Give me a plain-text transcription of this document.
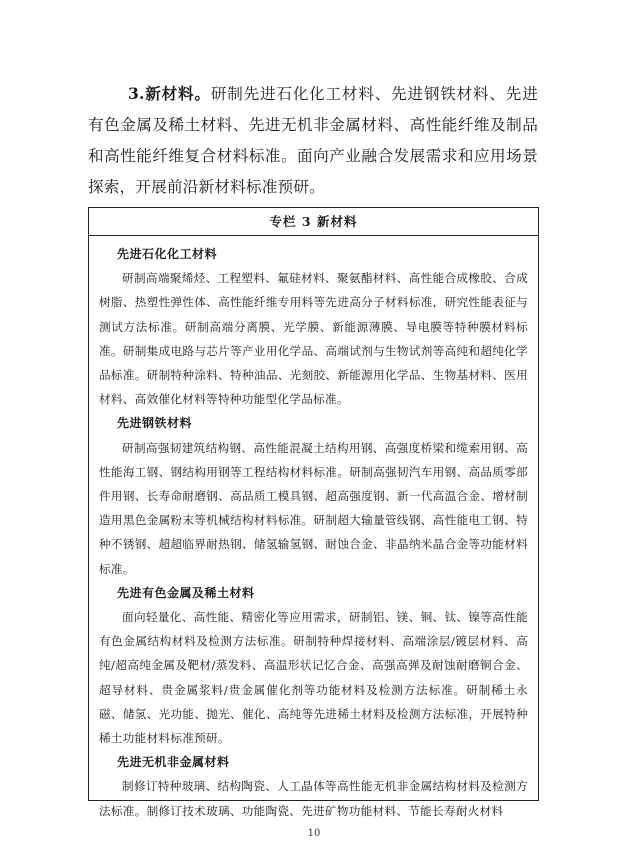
3.新材料。研制先进石化化工材料、先进钢铁材料、先进有色金属及稀土材料、先进无机非金属材料、高性能纤维及制品和高性能纤维复合材料标准。面向产业融合发展需求和应用场景探索，开展前沿新材料标准预研。
专栏 3 新材料
先进石化化工材料

研制高端聚烯烃、工程塑料、氟硅材料、聚氨酯材料、高性能合成橡胶、合成树脂、热塑性弹性体、高性能纤维专用料等先进高分子材料标准，研究性能表征与测试方法标准。研制高端分离膜、光学膜、新能源薄膜、导电膜等特种膜材料标准。研制集成电路与芯片等产业用化学品、高端试剂与生物试剂等高纯和超纯化学品标准。研制特种涂料、特种油品、光刻胶、新能源用化学品、生物基材料、医用材料、高效催化材料等特种功能型化学品标准。

先进钢铁材料

研制高强韧建筑结构钢、高性能混凝土结构用钢、高强度桥梁和缆索用钢、高性能海工钢、钢结构用钢等工程结构材料标准。研制高强韧汽车用钢、高品质零部件用钢、长寿命耐磨钢、高品质工模具钢、超高强度钢、新一代高温合金、增材制造用黑色金属粉末等机械结构材料标准。研制超大输量管线钢、高性能电工钢、特种不锈钢、超超临界耐热钢、储氢输氢钢、耐蚀合金、非晶纳米晶合金等功能材料标准。

先进有色金属及稀土材料

面向轻量化、高性能、精密化等应用需求，研制铝、镁、铜、钛、镍等高性能有色金属结构材料及检测方法标准。研制特种焊接材料、高端涂层/镀层材料、高纯/超高纯金属及靶材/蒸发料、高温形状记忆合金、高强高弹及耐蚀耐磨铜合金、超导材料、贵金属浆料/贵金属催化剂等功能材料及检测方法标准。研制稀土永磁、储氢、光功能、抛光、催化、高纯等先进稀土材料及检测方法标准，开展特种稀土功能材料标准预研。

先进无机非金属材料

制修订特种玻璃、结构陶瓷、人工晶体等高性能无机非金属结构材料及检测方法标准。制修订技术玻璃、功能陶瓷、先进矿物功能材料、节能长寿耐火材料

10
